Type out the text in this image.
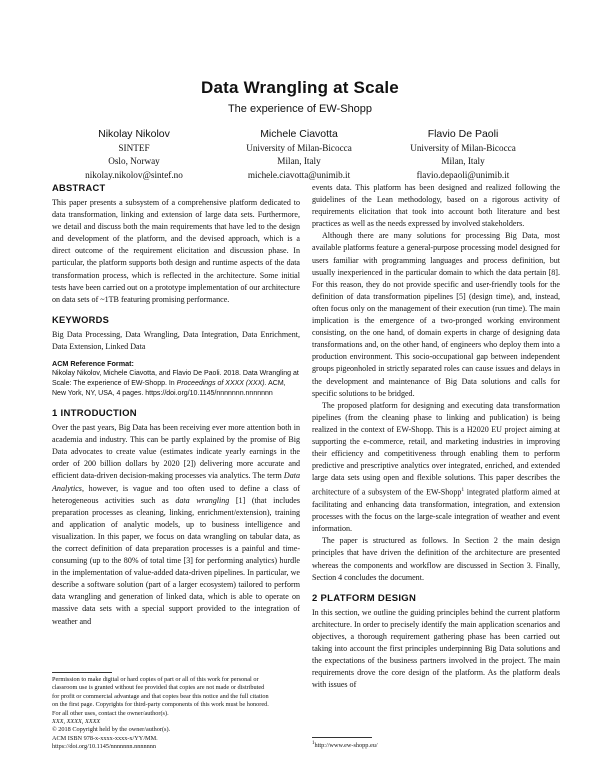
Data Wrangling at Scale
The experience of EW-Shopp
Nikolay Nikolov
SINTEF
Oslo, Norway
nikolay.nikolov@sintef.no
Michele Ciavotta
University of Milan-Bicocca
Milan, Italy
michele.ciavotta@unimib.it
Flavio De Paoli
University of Milan-Bicocca
Milan, Italy
flavio.depaoli@unimib.it
ABSTRACT

This paper presents a subsystem of a comprehensive platform dedicated to data transformation, linking and extension of large data sets. Furthermore, we detail and discuss both the main requirements that have led to the design and development of the platform, and the devised approach, which is a direct outcome of the requirement elicitation and discussion phase. In particular, the platform supports both design and runtime aspects of the data transformation process, which is reflected in the architecture. Some initial tests have been carried out on a prototype implementation of our architecture on data sets of ~1TB featuring promising performance.

KEYWORDS

Big Data Processing, Data Wrangling, Data Integration, Data Enrichment, Data Extension, Linked Data

ACM Reference Format:
Nikolay Nikolov, Michele Ciavotta, and Flavio De Paoli. 2018. Data Wrangling at Scale: The experience of EW-Shopp. In Proceedings of XXXX (XXX). ACM, New York, NY, USA, 4 pages. https://doi.org/10.1145/nnnnnnn.nnnnnnn
1 INTRODUCTION

Over the past years, Big Data has been receiving ever more attention both in academia and industry. This can be partly explained by the promise of Big Data advocates to create value (estimates indicate yearly earnings in the order of 200 billion dollars by 2020 [2]) delivering more accurate and efficient data-driven decision-making processes via analytics. The term Data Analytics, however, is vague and too often used to define a class of heterogeneous activities such as data wrangling [1] (that includes preparation processes as cleaning, linking, enrichment/extension), training and application of analytic models, up to business intelligence and visualization. In this paper, we focus on data wrangling on tabular data, as the correct definition of data preparation processes is a painful and time-consuming (up to the 80% of total time [3] for performing analytics) hurdle in the implementation of value-added data-driven pipelines. In particular, we describe a software solution (part of a larger ecosystem) tailored to perform data wrangling and generation of linked data, which is able to operate on massive data sets with a special support provided to the integration of weather and

Permission to make digital or hard copies of part or all of this work for personal or
classroom use is granted without fee provided that copies are not made or distributed
for profit or commercial advantage and that copies bear this notice and the full citation
on the first page. Copyrights for third-party components of this work must be honored.
For all other uses, contact the owner/author(s).
XXX, XXXX, XXXX
© 2018 Copyright held by the owner/author(s).
ACM ISBN 978-x-xxxx-xxxx-x/YY/MM.
https://doi.org/10.1145/nnnnnnn.nnnnnnn

events data. This platform has been designed and realized following the guidelines of the Lean methodology, based on a rigorous activity of requirements elicitation that took into account both literature and best practices as well as the needs expressed by involved stakeholders.

Although there are many solutions for processing Big Data, most available platforms feature a general-purpose processing model designed for users familiar with programming languages and process definition, but usually inexperienced in the particular domain to which the data pertain [8]. For this reason, they do not provide specific and user-friendly tools for the definition of data transformation pipelines [5] (design time), and, instead, often focus only on the management of their execution (run time). The main implication is the emergence of a two-pronged working environment consisting, on the one hand, of domain experts in charge of designing data transformations and, on the other hand, of engineers who deploy them into a production environment. This socio-occupational gap between independent groups pigeonholed in strictly separated roles can cause issues and delays in the development and maintenance of Big Data solutions and calls for specific solutions to be bridged.

The proposed platform for designing and executing data transformation pipelines (from the cleaning phase to linking and publication) is being realized in the context of EW-Shopp. This is a H2020 EU project aiming at supporting the e-commerce, retail, and marketing industries in improving their efficiency and competitiveness through enabling them to perform predictive and prescriptive analytics over integrated, enriched, and extended large data sets using open and flexible solutions. This paper describes the architecture of a subsystem of the EW-Shopp$^1$ integrated platform aimed at facilitating and enhancing data transformation, integration, and extension processes with the focus on the large-scale integration of weather and event information.

The paper is structured as follows. In Section 2 the main design principles that have driven the definition of the architecture are presented whereas the components and workflow are discussed in Section 3. Finally, Section 4 concludes the document.

2 PLATFORM DESIGN

In this section, we outline the guiding principles behind the current platform architecture. In order to precisely identify the main application scenarios and objectives, a thorough requirement gathering phase has been carried out taking into account the first principles underpinning Big Data solutions and the expectations of the business partners involved in the project. The main requirements drove the core design of the platform. As the platform deals with issues of

$^1$http://www.ew-shopp.eu/
